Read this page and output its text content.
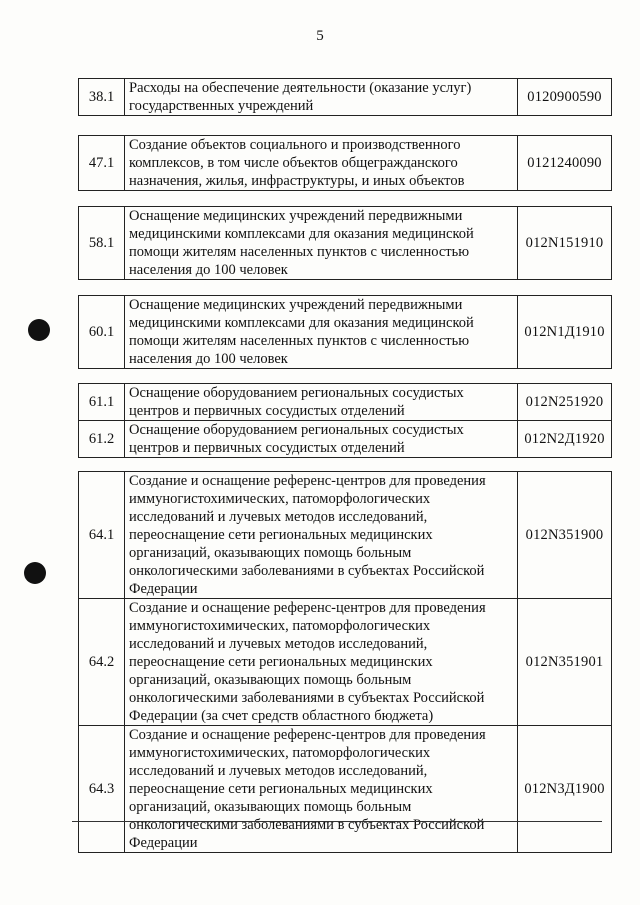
5
38.1	Расходы на обеспечение деятельности (оказание услуг) государственных учреждений	0120900590
47.1	Создание объектов социального и производственного комплексов, в том числе объектов общегражданского назначения, жилья, инфраструктуры, и иных объектов	0121240090
58.1	Оснащение медицинских учреждений передвижными медицинскими комплексами для оказания медицинской помощи жителям населенных пунктов с численностью населения до 100 человек	012N151910
60.1	Оснащение медицинских учреждений передвижными медицинскими комплексами для оказания медицинской помощи жителям населенных пунктов с численностью населения до 100 человек	012N1Д1910
61.1	Оснащение оборудованием региональных сосудистых центров и первичных сосудистых отделений	012N251920
61.2	Оснащение оборудованием региональных сосудистых центров и первичных сосудистых отделений	012N2Д1920
64.1	Создание и оснащение референс-центров для проведения иммуногистохимических, патоморфологических исследований и лучевых методов исследований, переоснащение сети региональных медицинских организаций, оказывающих помощь больным онкологическими заболеваниями в субъектах Российской Федерации	012N351900
64.2	Создание и оснащение референс-центров для проведения иммуногистохимических, патоморфологических исследований и лучевых методов исследований, переоснащение сети региональных медицинских организаций, оказывающих помощь больным онкологическими заболеваниями в субъектах Российской Федерации (за счет средств областного бюджета)	012N351901
64.3	Создание и оснащение референс-центров для проведения иммуногистохимических, патоморфологических исследований и лучевых методов исследований, переоснащение сети региональных медицинских организаций, оказывающих помощь больным онкологическими заболеваниями в субъектах Российской Федерации	012N3Д1900
